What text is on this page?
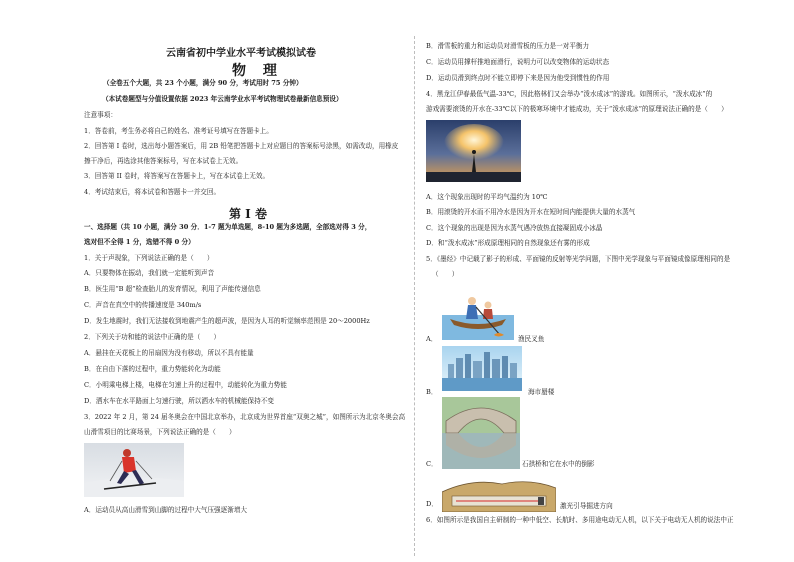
云南省初中学业水平考试模拟试卷
物 理
（全卷五个大题，共 23 个小题，满分 90 分，考试用时 75 分钟）
（本试卷题型与分值设置依据 2023 年云南学业水平考试物理试卷最新信息预设）
注意事项：
1．答卷前，考生务必将自己的姓名、准考证号填写在答题卡上。
2．回答第 I 卷时，选出每小题答案后，用 2B 铅笔把答题卡上对应题目的答案标号涂黑，如需改动，用橡皮
擦干净后，再选涂其他答案标号，写在本试卷上无效。
3．回答第 II 卷时，将答案写在答题卡上，写在本试卷上无效。
4．考试结束后，将本试卷和答题卡一并交回。
第 I 卷
一、选择题（共 10 小题，满分 30 分．1-7 题为单选题，8-10 题为多选题，全部选对得 3 分，
选对但不全得 1 分，选错不得 0 分）
1．关于声现象，下列说法正确的是（　　）
A．只要物体在振动，我们就一定能听到声音
B．医生用“B 超”检查胎儿的发育情况，利用了声能传递信息
C．声音在真空中的传播速度是 340m/s
D．发生地震时，我们无法接收到地震产生的超声波，是因为人耳的听觉频率范围是 20～2000Hz
2．下列关于功和能的说法中正确的是（　　）
A．悬挂在天花板上的吊扇因为没有移动，所以不具有能量
B．在自由下落的过程中，重力势能转化为动能
C．小明乘电梯上楼，电梯在匀速上升的过程中，动能转化为重力势能
D．洒水车在水平路面上匀速行驶，所以洒水车的机械能保持不变
3．2022 年 2 月，第 24 届冬奥会在中国北京举办，北京成为世界首座“双奥之城”，如图所示为北京冬奥会高
山滑雪项目的比赛场景，下列说法正确的是（　　）
A．运动员从高山滑雪到山脚的过程中大气压强逐渐增大
B．滑雪板的重力和运动员对滑雪板的压力是一对平衡力
C．运动员用撑杆推地面滑行，说明力可以改变物体的运动状态
D．运动员滑到终点时不能立即停下来是因为他受到惯性的作用
4．黑龙江伊春最低气温-33℃，因此格林们又会举办“泼水成冰”的游戏。如图所示，“泼水成冰”的
游戏需要滚烫的开水在-33℃以下的极寒环境中才能成功，关于“泼水成冰”的原理说法正确的是（　　）
A．这个现象出现时的平均气温约为 10℃
B．用滚烫的开水而不用冷水是因为开水在短时间内能提供大量的水蒸气
C．这个现象的出现是因为水蒸气遇冷放热直接凝固成小冰晶
D．和“泼水成冰”形成原理相同的自然现象还有雾的形成
5．《墨经》中记载了影子的形成、平面镜的反射等光学问题，下图中光学现象与平面镜成像原理相同的是
（　　）
A．	渔民叉鱼
B．	海市蜃楼
C．	石拱桥和它在水中的倒影
D．	激光引导掘进方向
6．如图所示是我国自主研制的一种中低空、长航时、多用途电动无人机，以下关于电动无人机的说法中正
